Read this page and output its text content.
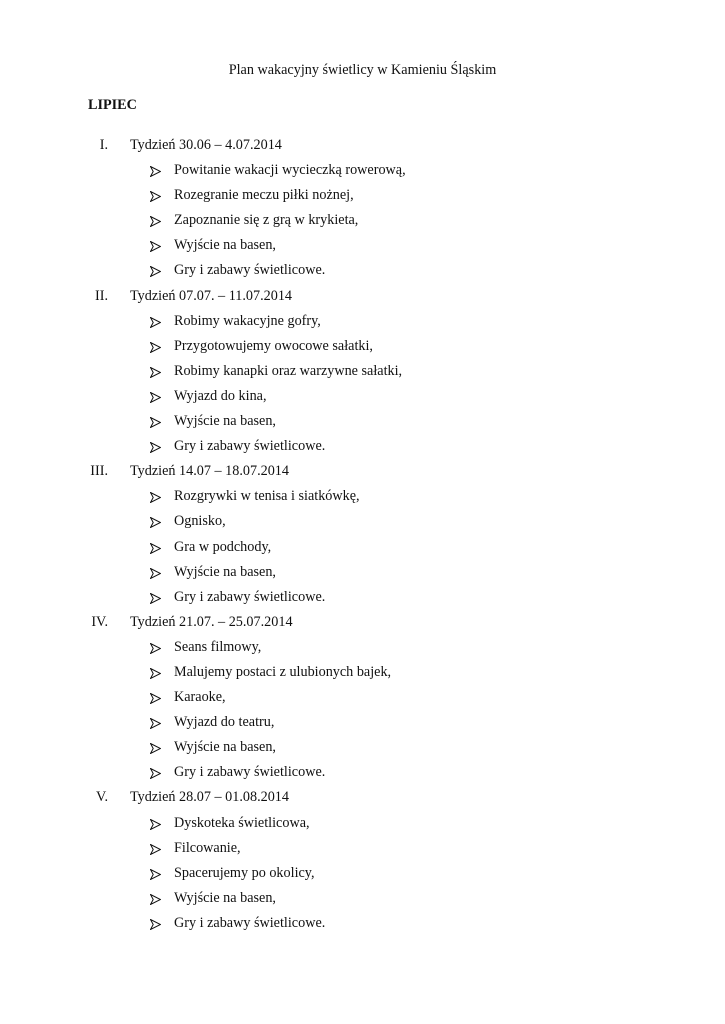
Plan wakacyjny świetlicy w Kamieniu Śląskim
LIPIEC
I. Tydzień 30.06 – 4.07.2014
Powitanie wakacji wycieczką rowerową,
Rozegranie meczu piłki nożnej,
Zapoznanie się z grą w krykieta,
Wyjście na basen,
Gry i zabawy świetlicowe.
II. Tydzień 07.07. – 11.07.2014
Robimy wakacyjne gofry,
Przygotowujemy owocowe sałatki,
Robimy kanapki oraz warzywne sałatki,
Wyjazd do kina,
Wyjście na basen,
Gry i zabawy świetlicowe.
III. Tydzień 14.07 – 18.07.2014
Rozgrywki w tenisa i siatkówkę,
Ognisko,
Gra w podchody,
Wyjście na basen,
Gry i zabawy świetlicowe.
IV. Tydzień 21.07. – 25.07.2014
Seans filmowy,
Malujemy postaci z ulubionych bajek,
Karaoke,
Wyjazd do teatru,
Wyjście na basen,
Gry i zabawy świetlicowe.
V. Tydzień 28.07 – 01.08.2014
Dyskoteka świetlicowa,
Filcowanie,
Spacerujemy po okolicy,
Wyjście na basen,
Gry i zabawy świetlicowe.
